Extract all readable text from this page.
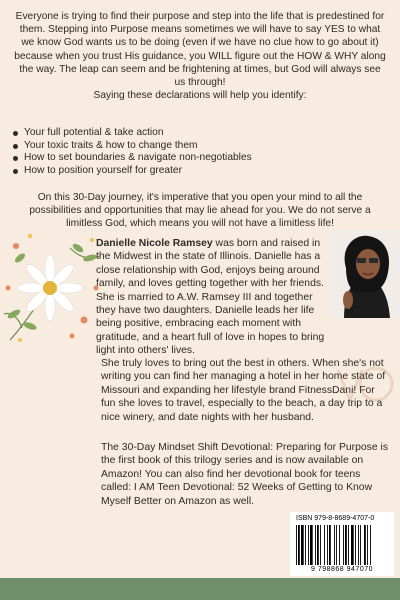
Everyone is trying to find their purpose and step into the life that is predestined for them. Stepping into Purpose means sometimes we will have to say YES to what we know God wants us to be doing (even if we have no clue how to go about it) because when you trust His guidance, you WILL figure out the HOW & WHY along the way. The leap can seem and be frightening at times, but God will always see us through!

Saying these declarations will help you identify:

Your full potential & take action
Your toxic traits & how to change them
How to set boundaries & navigate non-negotiables
How to position yourself for greater

On this 30-Day journey, it's imperative that you open your mind to all the possibilities and opportunities that may lie ahead for you. We do not serve a limitless God, which means you will not have a limitless life!

Danielle Nicole Ramsey was born and raised in the Midwest in the state of Illinois. Danielle has a close relationship with God, enjoys being around family, and loves getting together with her friends. She is married to A.W. Ramsey III and together they have two daughters. Danielle leads her life being positive, embracing each moment with gratitude, and a heart full of love in hopes to bring light into others' lives.

She truly loves to bring out the best in others. When she's not writing you can find her managing a hotel in her home state of Missouri and expanding her lifestyle brand FitnessDani! For fun she loves to travel, especially to the beach, a day trip to a nice winery, and date nights with her husband.

The 30-Day Mindset Shift Devotional: Preparing for Purpose is the first book of this trilogy series and is now available on Amazon! You can also find her devotional book for teens called: I AM Teen Devotional: 52 Weeks of Getting to Know Myself Better on Amazon as well.

ISBN 979-8-8689-4707-0
9 798868 947070
